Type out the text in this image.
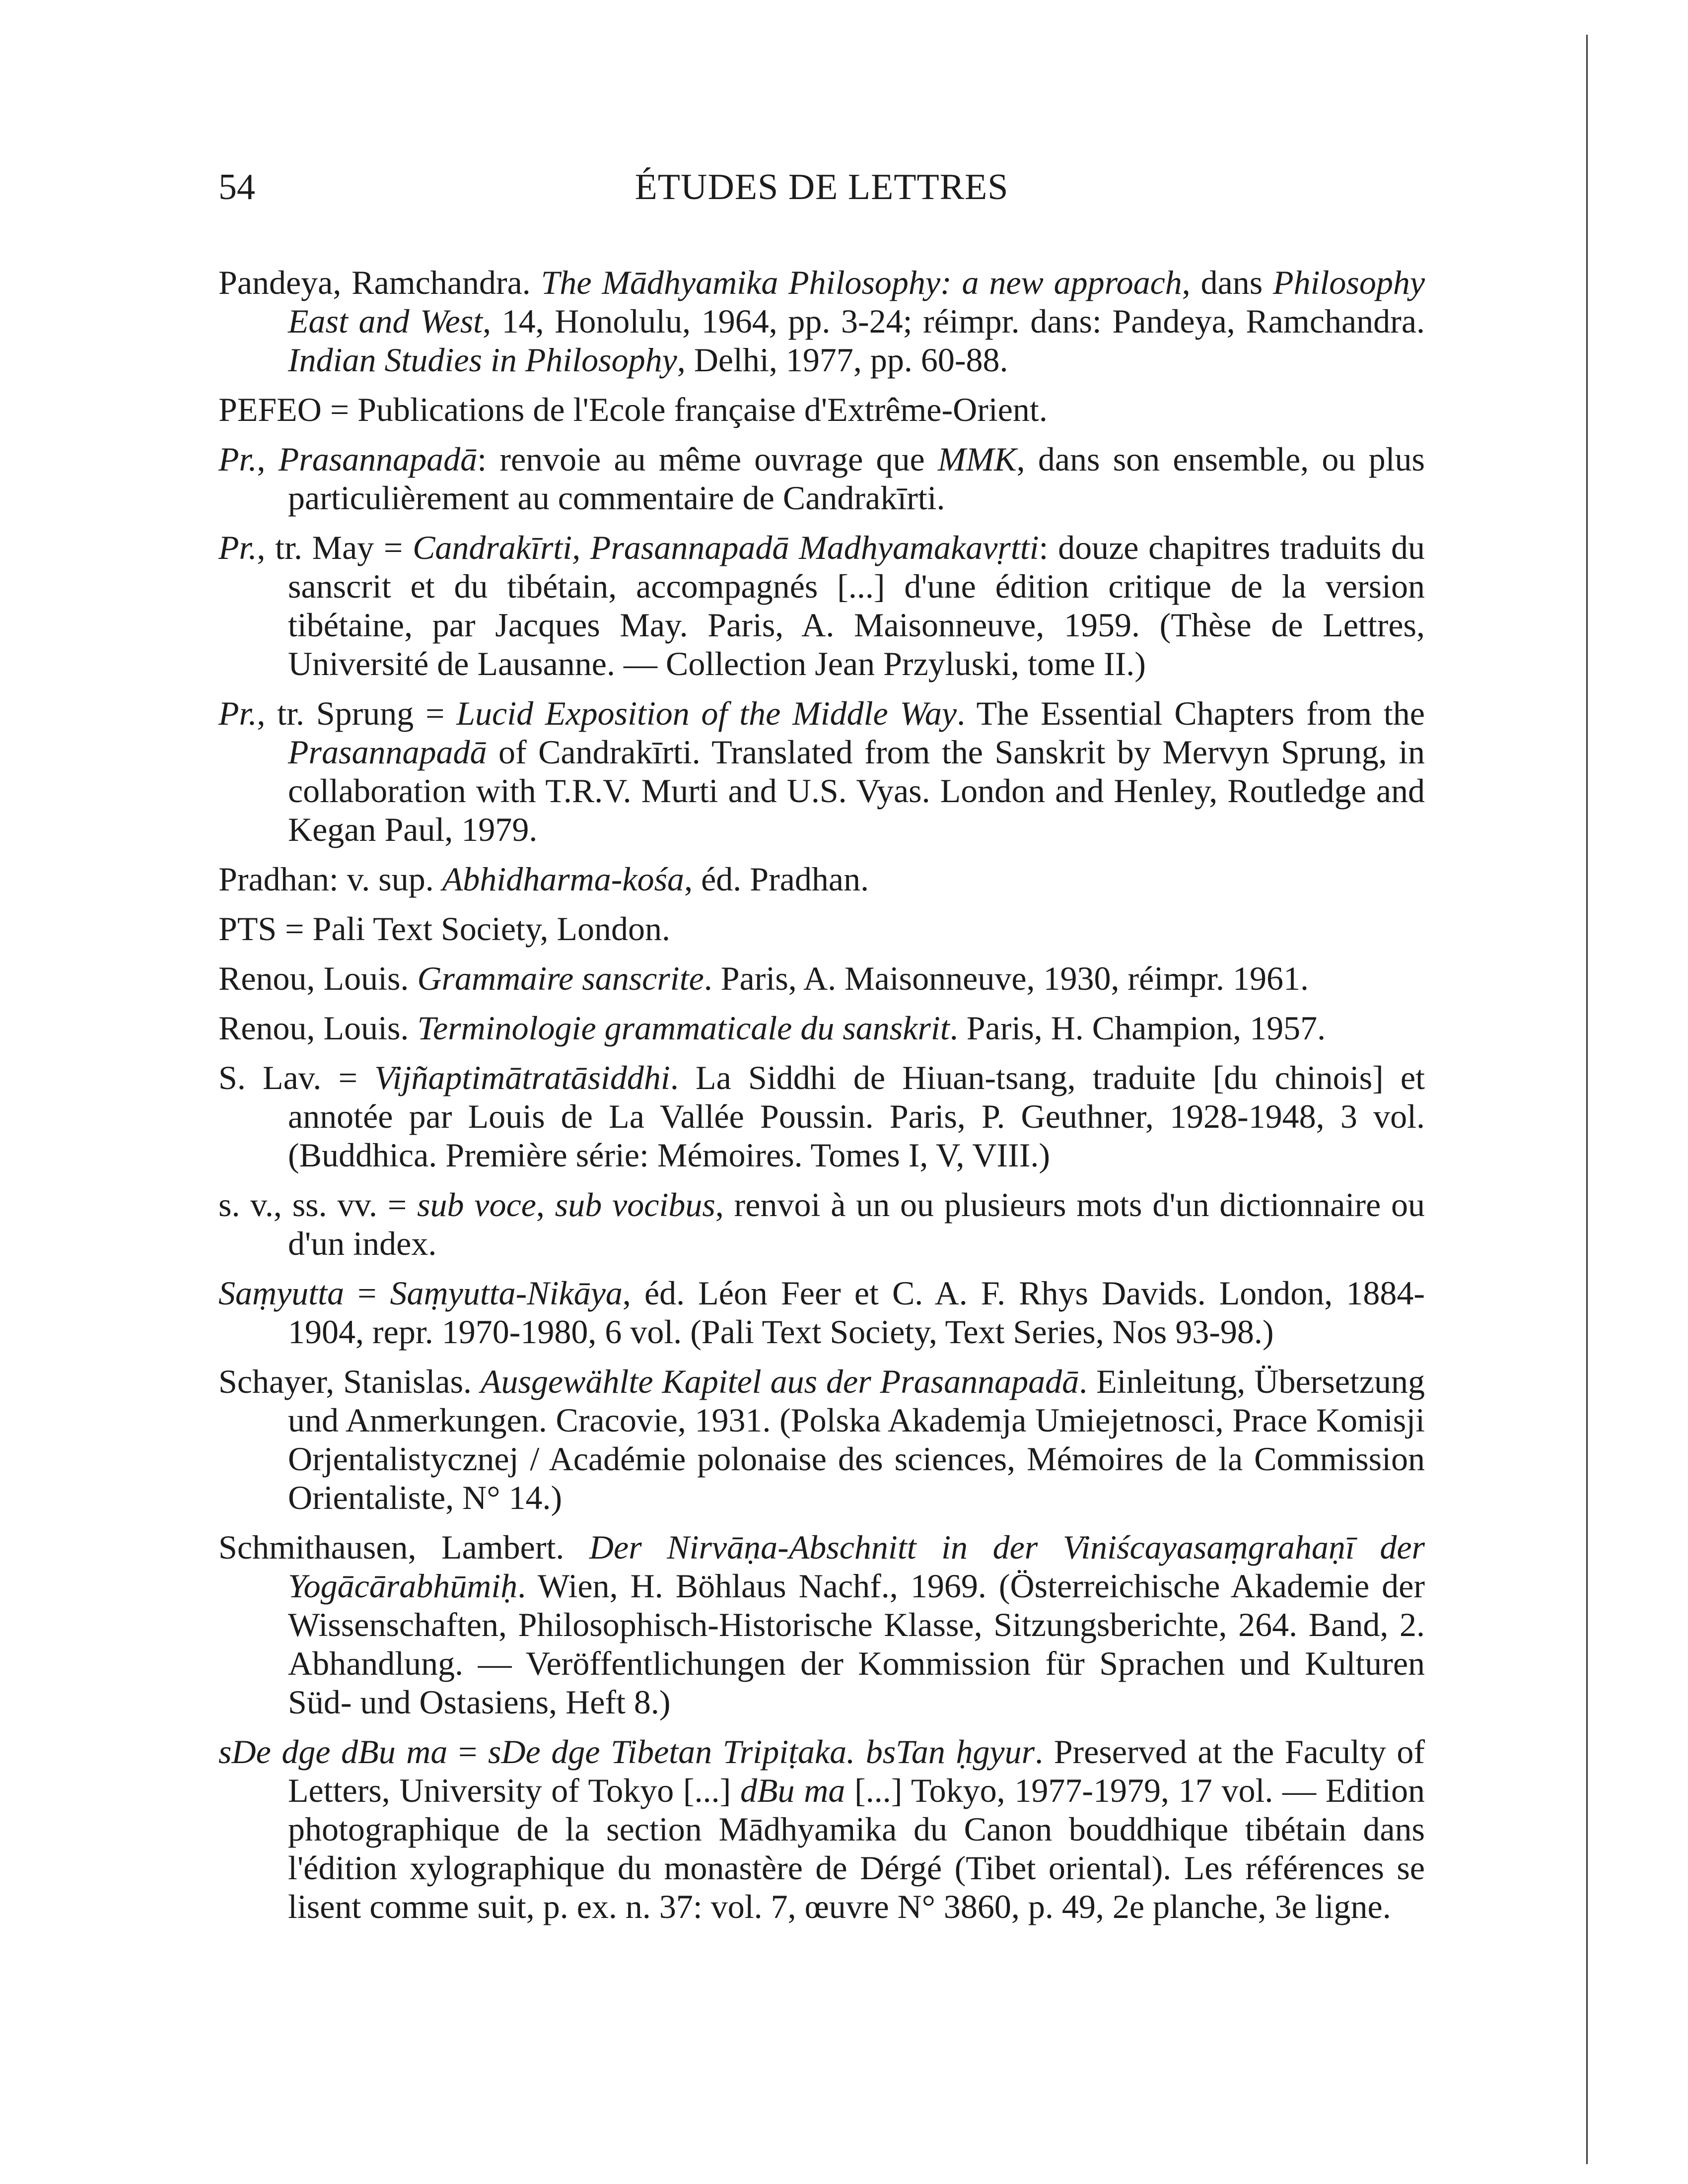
54	ÉTUDES DE LETTRES

Pandeya, Ramchandra. The Mādhyamika Philosophy: a new approach, dans Philosophy East and West, 14, Honolulu, 1964, pp. 3-24; réimpr. dans: Pandeya, Ramchandra. Indian Studies in Philosophy, Delhi, 1977, pp. 60-88.

PEFEO = Publications de l'Ecole française d'Extrême-Orient.

Pr., Prasannapadā: renvoie au même ouvrage que MMK, dans son ensemble, ou plus particulièrement au commentaire de Candrakīrti.

Pr., tr. May = Candrakīrti, Prasannapadā Madhyamakavṛtti: douze chapitres traduits du sanscrit et du tibétain, accompagnés [...] d'une édition critique de la version tibétaine, par Jacques May. Paris, A. Maisonneuve, 1959. (Thèse de Lettres, Université de Lausanne. — Collection Jean Przyluski, tome II.)

Pr., tr. Sprung = Lucid Exposition of the Middle Way. The Essential Chapters from the Prasannapadā of Candrakīrti. Translated from the Sanskrit by Mervyn Sprung, in collaboration with T.R.V. Murti and U.S. Vyas. London and Henley, Routledge and Kegan Paul, 1979.

Pradhan: v. sup. Abhidharma-kośa, éd. Pradhan.

PTS = Pali Text Society, London.

Renou, Louis. Grammaire sanscrite. Paris, A. Maisonneuve, 1930, réimpr. 1961.

Renou, Louis. Terminologie grammaticale du sanskrit. Paris, H. Champion, 1957.

S. Lav. = Vijñaptimātratāsiddhi. La Siddhi de Hiuan-tsang, traduite [du chinois] et annotée par Louis de La Vallée Poussin. Paris, P. Geuthner, 1928-1948, 3 vol. (Buddhica. Première série: Mémoires. Tomes I, V, VIII.)

s. v., ss. vv. = sub voce, sub vocibus, renvoi à un ou plusieurs mots d'un dictionnaire ou d'un index.

Saṃyutta = Saṃyutta-Nikāya, éd. Léon Feer et C. A. F. Rhys Davids. London, 1884-1904, repr. 1970-1980, 6 vol. (Pali Text Society, Text Series, Nos 93-98.)

Schayer, Stanislas. Ausgewählte Kapitel aus der Prasannapadā. Einleitung, Übersetzung und Anmerkungen. Cracovie, 1931. (Polska Akademja Umiejetnosci, Prace Komisji Orjentalistycznej / Académie polonaise des sciences, Mémoires de la Commission Orientaliste, N° 14.)

Schmithausen, Lambert. Der Nirvāṇa-Abschnitt in der Viniścayasaṃgrahaṇī der Yogācārabhūmiḥ. Wien, H. Böhlaus Nachf., 1969. (Österreichische Akademie der Wissenschaften, Philosophisch-Historische Klasse, Sitzungsberichte, 264. Band, 2. Abhandlung. — Veröffentlichungen der Kommission für Sprachen und Kulturen Süd- und Ostasiens, Heft 8.)

sDe dge dBu ma = sDe dge Tibetan Tripiṭaka. bsTan ḥgyur. Preserved at the Faculty of Letters, University of Tokyo [...] dBu ma [...] Tokyo, 1977-1979, 17 vol. — Edition photographique de la section Mādhyamika du Canon bouddhique tibétain dans l'édition xylographique du monastère de Dérgé (Tibet oriental). Les références se lisent comme suit, p. ex. n. 37: vol. 7, œuvre N° 3860, p. 49, 2e planche, 3e ligne.
